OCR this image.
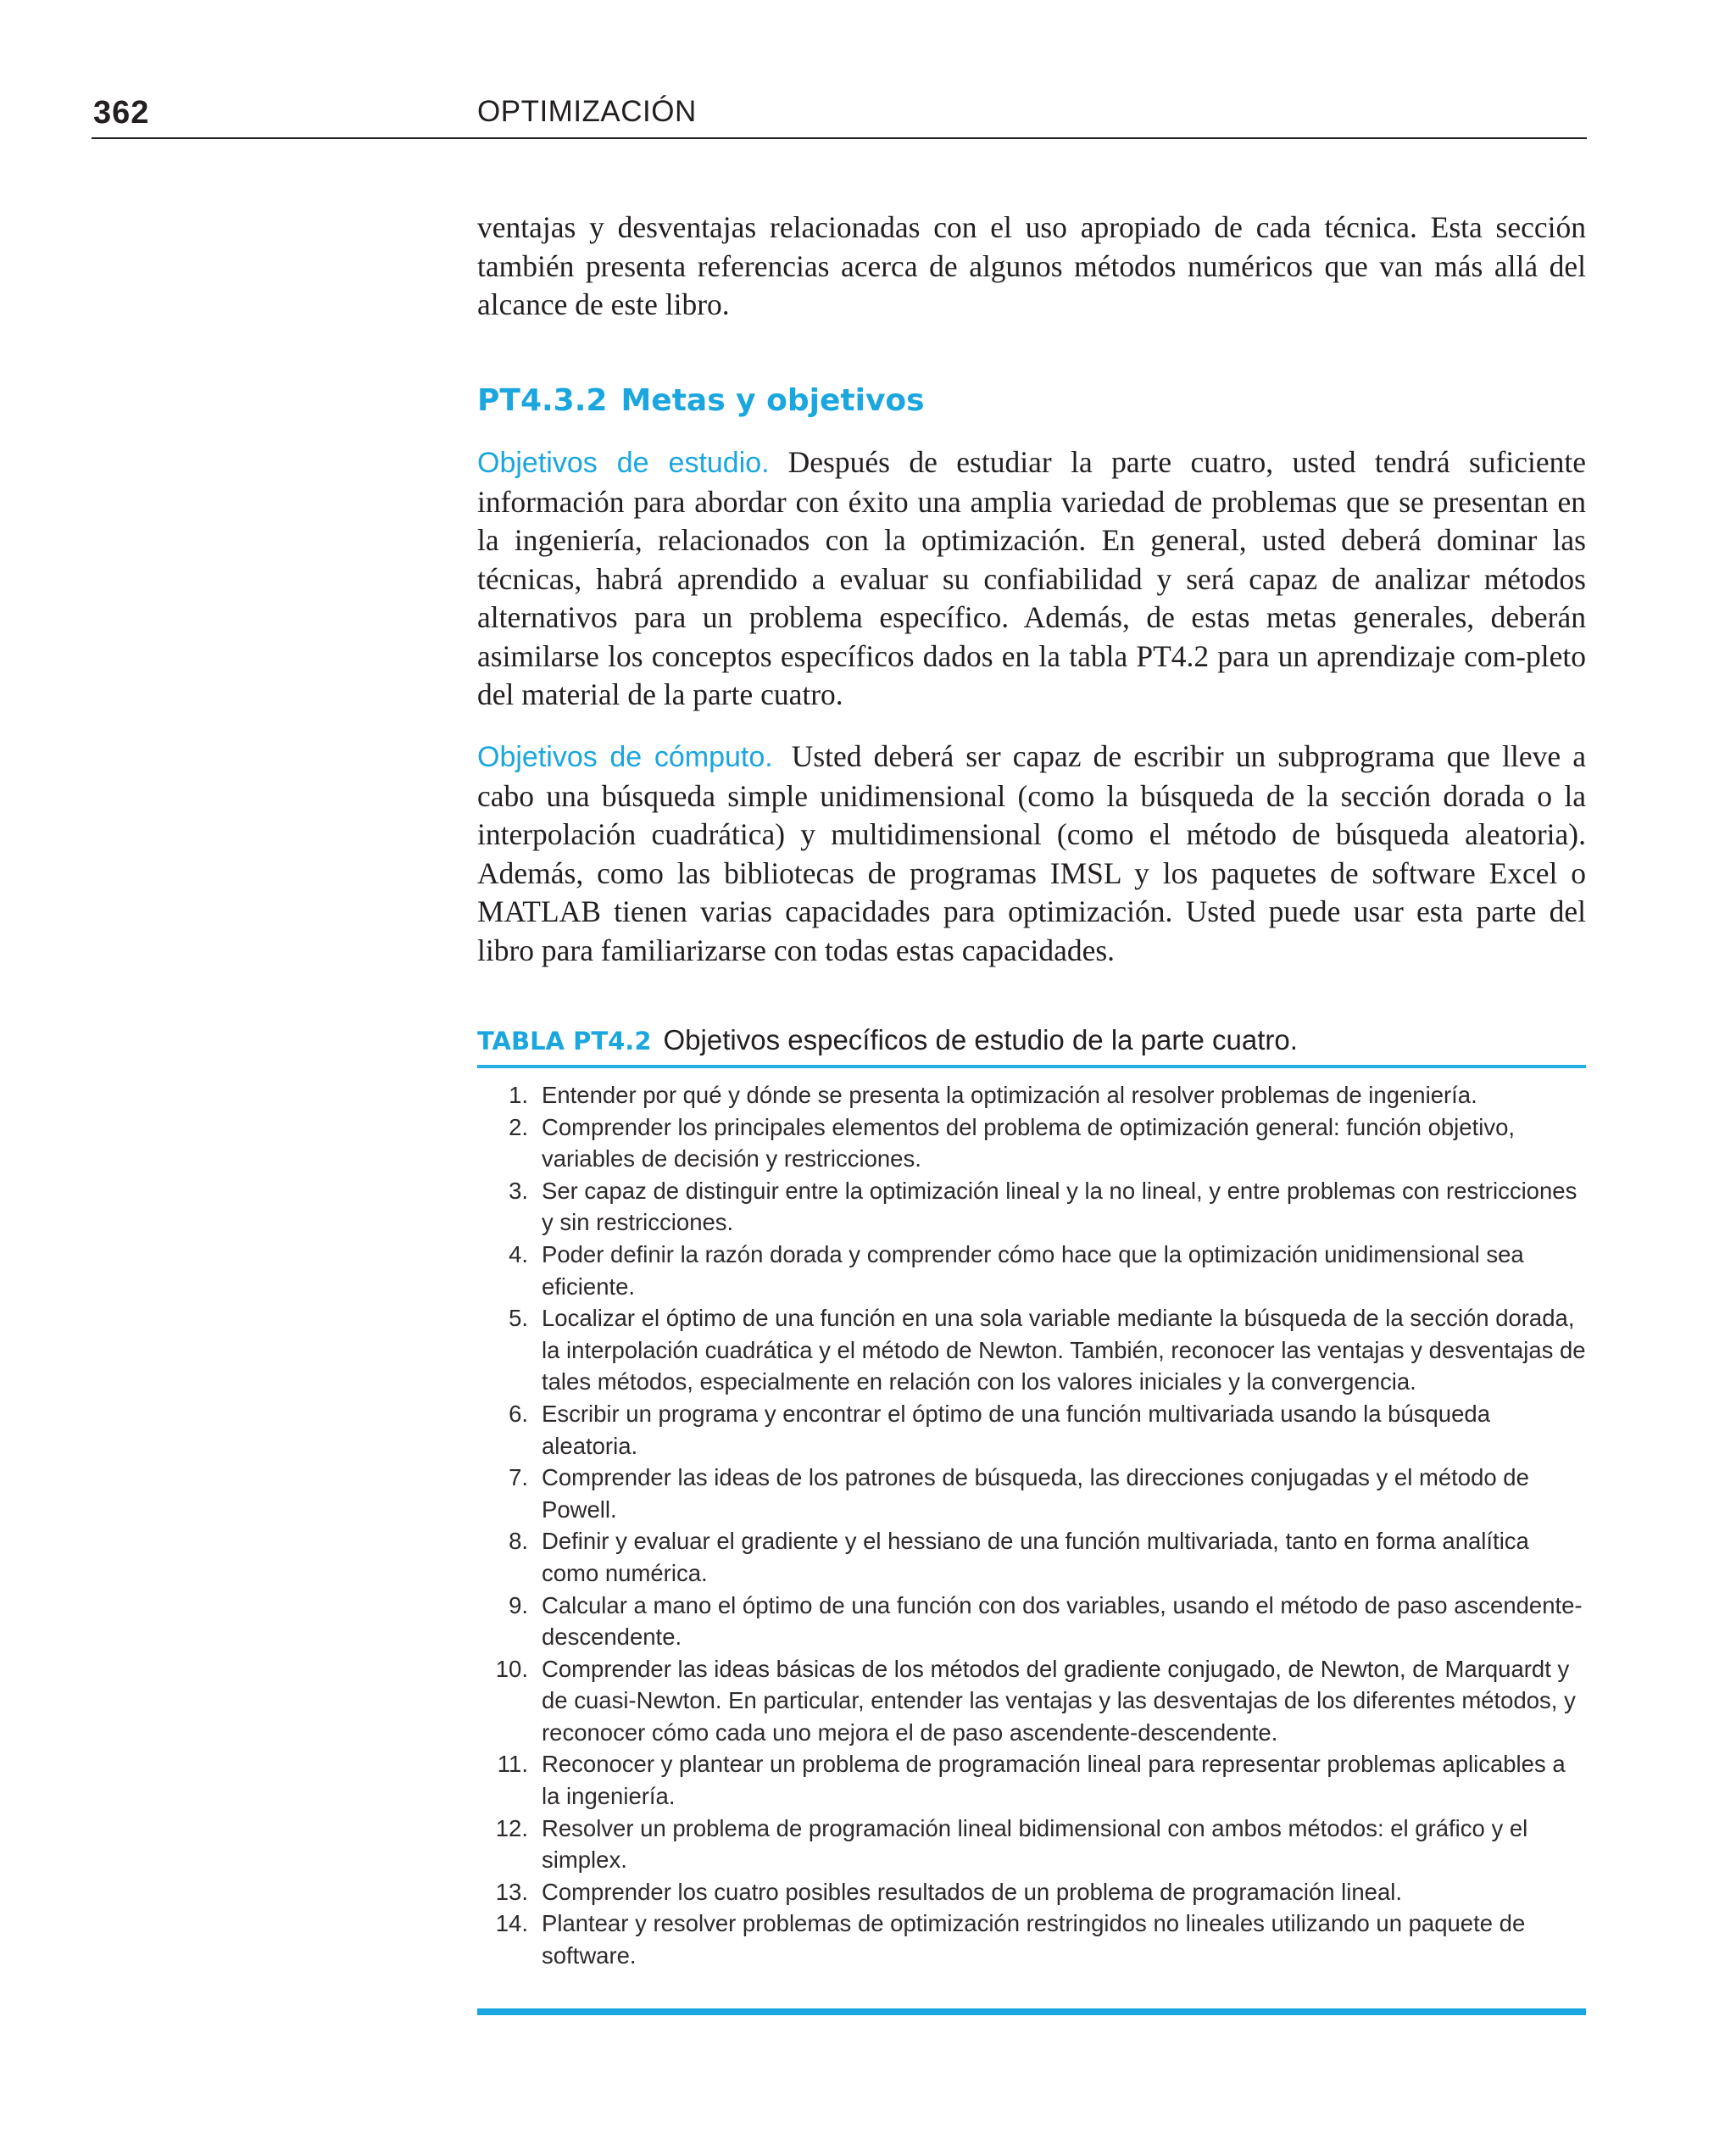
362	OPTIMIZACIÓN

ventajas y desventajas relacionadas con el uso apropiado de cada técnica. Esta sección también presenta referencias acerca de algunos métodos numéricos que van más allá del alcance de este libro.

PT4.3.2 Metas y objetivos

Objetivos de estudio. Después de estudiar la parte cuatro, usted tendrá suficiente información para abordar con éxito una amplia variedad de problemas que se presentan en la ingeniería, relacionados con la optimización. En general, usted deberá dominar las técnicas, habrá aprendido a evaluar su confiabilidad y será capaz de analizar métodos alternativos para un problema específico. Además, de estas metas generales, deberán asimilarse los conceptos específicos dados en la tabla PT4.2 para un aprendizaje com-pleto del material de la parte cuatro.

Objetivos de cómputo. Usted deberá ser capaz de escribir un subprograma que lleve a cabo una búsqueda simple unidimensional (como la búsqueda de la sección dorada o la interpolación cuadrática) y multidimensional (como el método de búsqueda aleatoria). Además, como las bibliotecas de programas IMSL y los paquetes de software Excel o MATLAB tienen varias capacidades para optimización. Usted puede usar esta parte del libro para familiarizarse con todas estas capacidades.

TABLA PT4.2 Objetivos específicos de estudio de la parte cuatro.

1. Entender por qué y dónde se presenta la optimización al resolver problemas de ingeniería.
2. Comprender los principales elementos del problema de optimización general: función objetivo, variables de decisión y restricciones.
3. Ser capaz de distinguir entre la optimización lineal y la no lineal, y entre problemas con restricciones y sin restricciones.
4. Poder definir la razón dorada y comprender cómo hace que la optimización unidimensional sea eficiente.
5. Localizar el óptimo de una función en una sola variable mediante la búsqueda de la sección dorada, la interpolación cuadrática y el método de Newton. También, reconocer las ventajas y desventajas de tales métodos, especialmente en relación con los valores iniciales y la convergencia.
6. Escribir un programa y encontrar el óptimo de una función multivariada usando la búsqueda aleatoria.
7. Comprender las ideas de los patrones de búsqueda, las direcciones conjugadas y el método de Powell.
8. Definir y evaluar el gradiente y el hessiano de una función multivariada, tanto en forma analítica como numérica.
9. Calcular a mano el óptimo de una función con dos variables, usando el método de paso ascendente-descendente.
10. Comprender las ideas básicas de los métodos del gradiente conjugado, de Newton, de Marquardt y de cuasi-Newton. En particular, entender las ventajas y las desventajas de los diferentes métodos, y reconocer cómo cada uno mejora el de paso ascendente-descendente.
11. Reconocer y plantear un problema de programación lineal para representar problemas aplicables a la ingeniería.
12. Resolver un problema de programación lineal bidimensional con ambos métodos: el gráfico y el simplex.
13. Comprender los cuatro posibles resultados de un problema de programación lineal.
14. Plantear y resolver problemas de optimización restringidos no lineales utilizando un paquete de software.
